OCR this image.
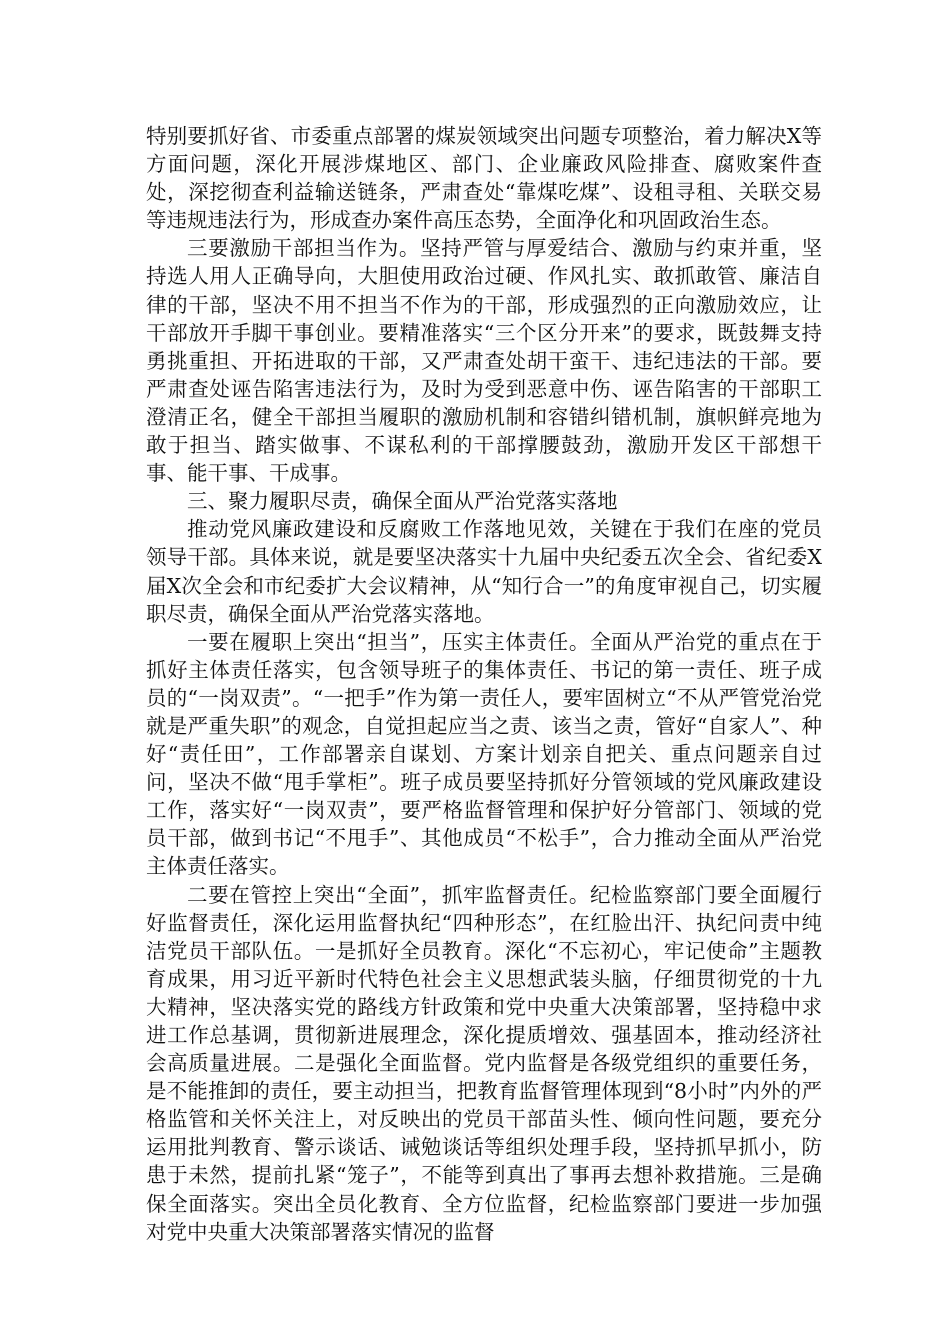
特别要抓好省、市委重点部署的煤炭领域突出问题专项整治，着力解决X等方面问题，深化开展涉煤地区、部门、企业廉政风险排查、腐败案件查处，深挖彻查利益输送链条，严肃查处“靠煤吃煤”、设租寻租、关联交易等违规违法行为，形成查办案件高压态势，全面净化和巩固政治生态。

三要激励干部担当作为。坚持严管与厚爱结合、激励与约束并重，坚持选人用人正确导向，大胆使用政治过硬、作风扎实、敢抓敢管、廉洁自律的干部，坚决不用不担当不作为的干部，形成强烈的正向激励效应，让干部放开手脚干事创业。要精准落实“三个区分开来”的要求，既鼓舞支持勇挑重担、开拓进取的干部，又严肃查处胡干蛮干、违纪违法的干部。要严肃查处诬告陷害违法行为，及时为受到恶意中伤、诬告陷害的干部职工澄清正名，健全干部担当履职的激励机制和容错纠错机制，旗帜鲜亮地为敢于担当、踏实做事、不谋私利的干部撑腰鼓劲，激励开发区干部想干事、能干事、干成事。

三、聚力履职尽责，确保全面从严治党落实落地

推动党风廉政建设和反腐败工作落地见效，关键在于我们在座的党员领导干部。具体来说，就是要坚决落实十九届中央纪委五次全会、省纪委X届X次全会和市纪委扩大会议精神，从“知行合一”的角度审视自己，切实履职尽责，确保全面从严治党落实落地。

一要在履职上突出“担当”，压实主体责任。全面从严治党的重点在于抓好主体责任落实，包含领导班子的集体责任、书记的第一责任、班子成员的“一岗双责”。“一把手”作为第一责任人，要牢固树立“不从严管党治党就是严重失职”的观念，自觉担起应当之责、该当之责，管好“自家人”、种好“责任田”，工作部署亲自谋划、方案计划亲自把关、重点问题亲自过问，坚决不做“甩手掌柜”。班子成员要坚持抓好分管领域的党风廉政建设工作，落实好“一岗双责”，要严格监督管理和保护好分管部门、领域的党员干部，做到书记“不甩手”、其他成员“不松手”，合力推动全面从严治党主体责任落实。

二要在管控上突出“全面”，抓牢监督责任。纪检监察部门要全面履行好监督责任，深化运用监督执纪“四种形态”，在红脸出汗、执纪问责中纯洁党员干部队伍。一是抓好全员教育。深化“不忘初心，牢记使命”主题教育成果，用习近平新时代特色社会主义思想武装头脑，仔细贯彻党的十九大精神，坚决落实党的路线方针政策和党中央重大决策部署，坚持稳中求进工作总基调，贯彻新进展理念，深化提质增效、强基固本，推动经济社会高质量进展。二是强化全面监督。党内监督是各级党组织的重要任务，是不能推卸的责任，要主动担当，把教育监督管理体现到“8小时”内外的严格监管和关怀关注上，对反映出的党员干部苗头性、倾向性问题，要充分运用批判教育、警示谈话、诫勉谈话等组织处理手段，坚持抓早抓小，防患于未然，提前扎紧“笼子”，不能等到真出了事再去想补救措施。三是确保全面落实。突出全员化教育、全方位监督，纪检监察部门要进一步加强对党中央重大决策部署落实情况的监督
